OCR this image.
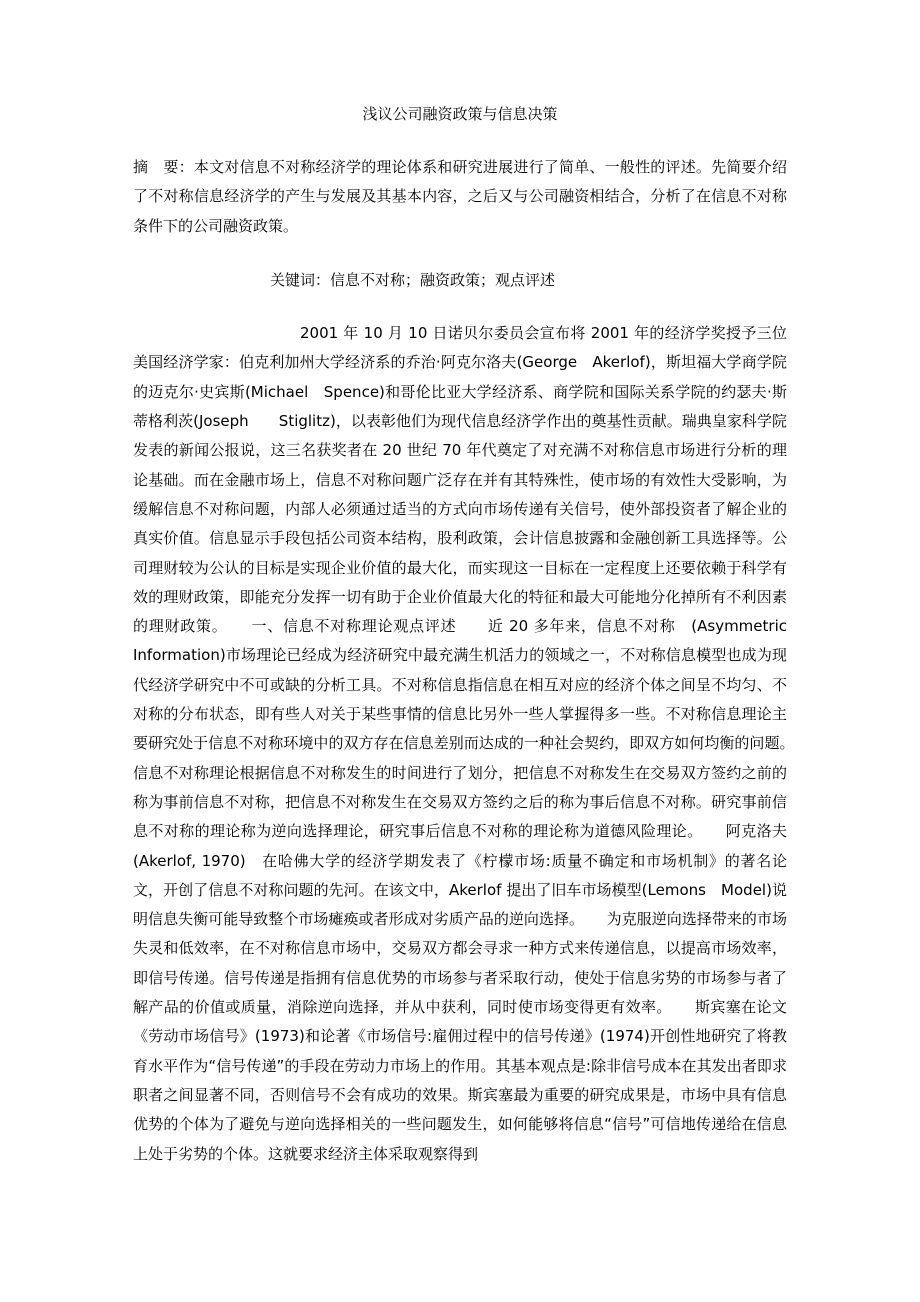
浅议公司融资政策与信息决策

摘　要：本文对信息不对称经济学的理论体系和研究进展进行了简单、一般性的评述。先简要介绍了不对称信息经济学的产生与发展及其基本内容，之后又与公司融资相结合，分析了在信息不对称条件下的公司融资政策。

关键词：信息不对称；融资政策；观点评述

2001 年 10 月 10 日诺贝尔委员会宣布将 2001 年的经济学奖授予三位美国经济学家：伯克利加州大学经济系的乔治·阿克尔洛夫(George　Akerlof)，斯坦福大学商学院的迈克尔·史宾斯(Michael　Spence)和哥伦比亚大学经济系、商学院和国际关系学院的约瑟夫·斯蒂格利茨(Joseph　　Stiglitz)，以表彰他们为现代信息经济学作出的奠基性贡献。瑞典皇家科学院发表的新闻公报说，这三名获奖者在 20 世纪 70 年代奠定了对充满不对称信息市场进行分析的理论基础。而在金融市场上，信息不对称问题广泛存在并有其特殊性，使市场的有效性大受影响，为缓解信息不对称问题，内部人必须通过适当的方式向市场传递有关信号，使外部投资者了解企业的真实价值。信息显示手段包括公司资本结构，股利政策，会计信息披露和金融创新工具选择等。公司理财较为公认的目标是实现企业价值的最大化，而实现这一目标在一定程度上还要依赖于科学有效的理财政策，即能充分发挥一切有助于企业价值最大化的特征和最大可能地分化掉所有不利因素的理财政策。　　一、信息不对称理论观点评述　　近 20 多年来，信息不对称　(Asymmetric　Information)市场理论已经成为经济研究中最充满生机活力的领域之一，不对称信息模型也成为现代经济学研究中不可或缺的分析工具。不对称信息指信息在相互对应的经济个体之间呈不均匀、不对称的分布状态，即有些人对关于某些事情的信息比另外一些人掌握得多一些。不对称信息理论主要研究处于信息不对称环境中的双方存在信息差别而达成的一种社会契约，即双方如何均衡的问题。　　信息不对称理论根据信息不对称发生的时间进行了划分，把信息不对称发生在交易双方签约之前的称为事前信息不对称，把信息不对称发生在交易双方签约之后的称为事后信息不对称。研究事前信息不对称的理论称为逆向选择理论，研究事后信息不对称的理论称为道德风险理论。　　阿克洛夫(Akerlof, 1970)　在哈佛大学的经济学期发表了《柠檬市场:质量不确定和市场机制》的著名论文，开创了信息不对称问题的先河。在该文中，Akerlof 提出了旧车市场模型(Lemons　Model)说明信息失衡可能导致整个市场瘫痪或者形成对劣质产品的逆向选择。　　为克服逆向选择带来的市场失灵和低效率，在不对称信息市场中，交易双方都会寻求一种方式来传递信息，以提高市场效率，即信号传递。信号传递是指拥有信息优势的市场参与者采取行动，使处于信息劣势的市场参与者了解产品的价值或质量，消除逆向选择，并从中获利，同时使市场变得更有效率。　　斯宾塞在论文《劳动市场信号》(1973)和论著《市场信号:雇佣过程中的信号传递》(1974)开创性地研究了将教育水平作为“信号传递”的手段在劳动力市场上的作用。其基本观点是:除非信号成本在其发出者即求职者之间显著不同，否则信号不会有成功的效果。斯宾塞最为重要的研究成果是，市场中具有信息优势的个体为了避免与逆向选择相关的一些问题发生，如何能够将信息“信号”可信地传递给在信息上处于劣势的个体。这就要求经济主体采取观察得到
